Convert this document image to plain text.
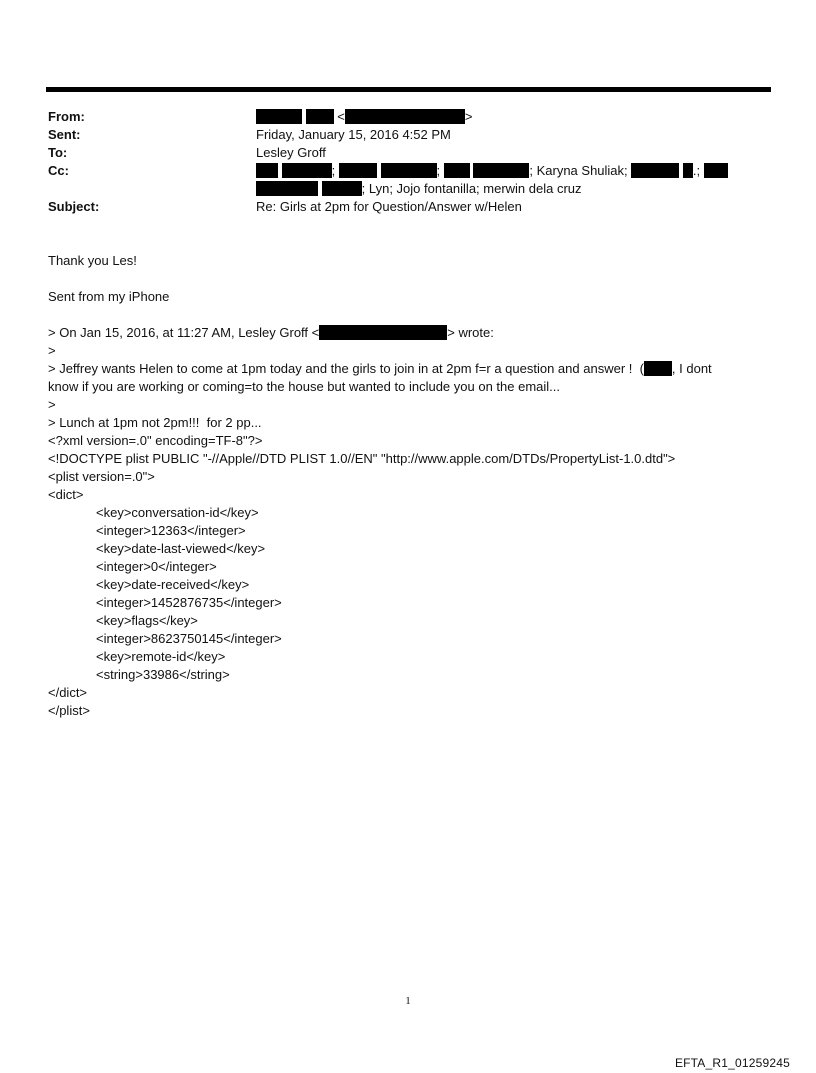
From:	<	>
Sent:	Friday, January 15, 2016 4:52 PM
To:	Lesley Groff
Cc:	;	;	; Karyna Shuliak;	.;
; Lyn; Jojo fontanilla; merwin dela cruz
Subject:	Re: Girls at 2pm for Question/Answer w/Helen

Thank you Les!

Sent from my iPhone

> On Jan 15, 2016, at 11:27 AM, Lesley Groff <	> wrote:

>

> Jeffrey wants Helen to come at 1pm today and the girls to join in at 2pm f=r a question and answer !  ( , I dont

know if you are working or coming=to the house but wanted to include you on the email...

>

> Lunch at 1pm not 2pm!!!  for 2 pp...

<?xml version=.0" encoding=TF-8"?>

<!DOCTYPE plist PUBLIC "-//Apple//DTD PLIST 1.0//EN" "http://www.apple.com/DTDs/PropertyList-1.0.dtd">

<plist version=.0">

<dict>

<key>conversation-id</key>

<integer>12363</integer>

<key>date-last-viewed</key>

<integer>0</integer>

<key>date-received</key>

<integer>1452876735</integer>

<key>flags</key>

<integer>8623750145</integer>

<key>remote-id</key>

<string>33986</string>

</dict>

</plist>

1
EFTA_R1_01259245
